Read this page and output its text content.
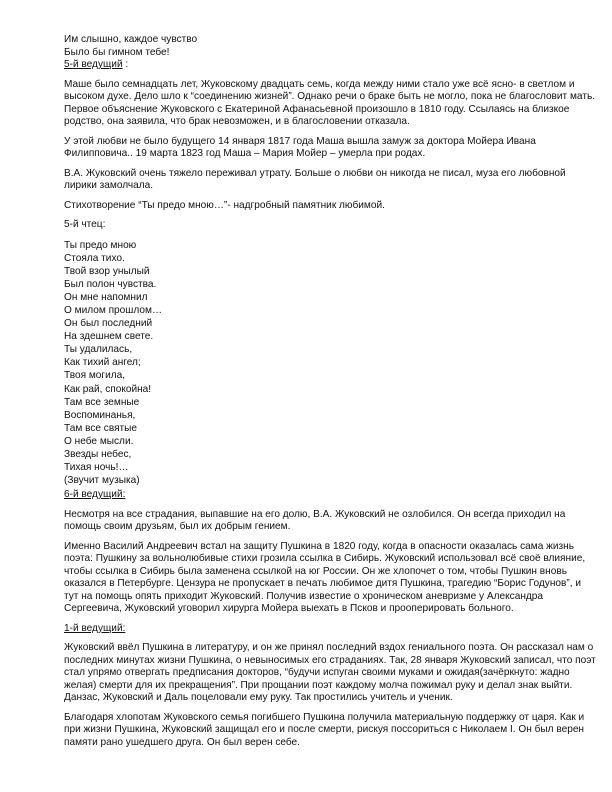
Им слышно, каждое чувство
Было бы гимном тебе!
5-й ведущий :
Маше было семнадцать лет, Жуковскому двадцать семь, когда между ними стало уже всё ясно- в светлом и
высоком духе. Дело шло к “соединению жизней”. Однако речи о браке быть не могло, пока не благословит мать.
Первое объяснение Жуковского с Екатериной Афанасьевной произошло в 1810 году. Ссылаясь на близкое
родство, она заявила, что брак невозможен, и в благословении отказала.
У этой любви не было будущего 14 января 1817 года Маша вышла замуж за доктора Мойера Ивана
Филипповича.. 19 марта 1823 год Маша – Мария Мойер – умерла при родах.
В.А. Жуковский очень тяжело переживал утрату. Больше о любви он никогда не писал, муза его любовной
лирики замолчала.
Стихотворение “Ты предо мною…”- надгробный памятник любимой.
5-й чтец:
Ты предо мною
Стояла тихо.
Твой взор унылый
Был полон чувства.
Он мне напомнил
О милом прошлом…
Он был последний
На здешнем свете.
Ты удалилась,
Как тихий ангел;
Твоя могила,
Как рай, спокойна!
Там все земные
Воспоминанья,
Там все святые
О небе мысли.
Звезды небес,
Тихая ночь!…
(Звучит музыка)
6-й ведущий:
Несмотря на все страдания, выпавшие на его долю, В.А. Жуковский не озлобился. Он всегда приходил на
помощь своим друзьям, был их добрым гением.
Именно Василий Андреевич встал на защиту Пушкина в 1820 году, когда в опасности оказалась сама жизнь
поэта: Пушкину за вольнолюбивые стихи грозила ссылка в Сибирь. Жуковский использовал всё своё влияние,
чтобы ссылка в Сибирь была заменена ссылкой на юг России. Он же хлопочет о том, чтобы Пушкин вновь
оказался в Петербурге. Цензура не пропускает в печать любимое дитя Пушкина, трагедию “Борис Годунов”, и
тут на помощь опять приходит Жуковский. Получив известие о хроническом аневризме у Александра
Сергеевича, Жуковский уговорил хирурга Мойера выехать в Псков и прооперировать больного.
1-й ведущий:
Жуковский ввёл Пушкина в литературу, и он же принял последний вздох гениального поэта. Он рассказал нам о
последних минутах жизни Пушкина, о невыносимых его страданиях. Так, 28 января Жуковский записал, что поэт
стал упрямо отвергать предписания докторов, “будучи испуган своими муками и ожидая(зачёркнуто: жадно
желая) смерти для их прекращения”. При прощании поэт каждому молча пожимал руку и делал знак выйти.
Данзас, Жуковский и Даль поцеловали ему руку. Так простились учитель и ученик.
Благодаря хлопотам Жуковского семья погибшего Пушкина получила материальную поддержку от царя. Как и
при жизни Пушкина, Жуковский защищал его и после смерти, рискуя поссориться с Николаем I. Он был верен
памяти рано ушедшего друга. Он был верен себе.
